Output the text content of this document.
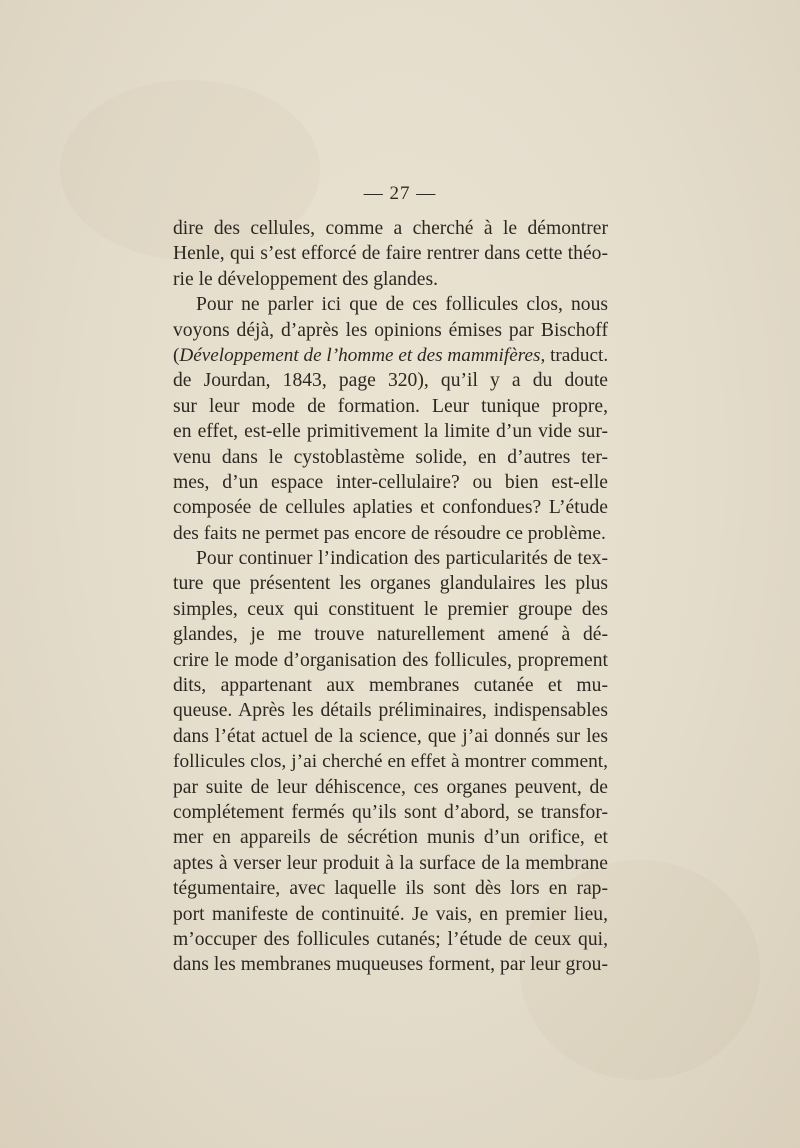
— 27 —
dire des cellules, comme a cherché à le démontrer
Henle, qui s’est efforcé de faire rentrer dans cette théo-
rie le développement des glandes.
Pour ne parler ici que de ces follicules clos, nous
voyons déjà, d’après les opinions émises par Bischoff
(Développement de l’homme et des mammifères, traduct.
de Jourdan, 1843, page 320), qu’il y a du doute
sur leur mode de formation. Leur tunique propre,
en effet, est-elle primitivement la limite d’un vide sur-
venu dans le cystoblastème solide, en d’autres ter-
mes, d’un espace inter-cellulaire? ou bien est-elle
composée de cellules aplaties et confondues? L’étude
des faits ne permet pas encore de résoudre ce problème.
Pour continuer l’indication des particularités de tex-
ture que présentent les organes glandulaires les plus
simples, ceux qui constituent le premier groupe des
glandes, je me trouve naturellement amené à dé-
crire le mode d’organisation des follicules, proprement
dits, appartenant aux membranes cutanée et mu-
queuse. Après les détails préliminaires, indispensables
dans l’état actuel de la science, que j’ai donnés sur les
follicules clos, j’ai cherché en effet à montrer comment,
par suite de leur déhiscence, ces organes peuvent, de
complétement fermés qu’ils sont d’abord, se transfor-
mer en appareils de sécrétion munis d’un orifice, et
aptes à verser leur produit à la surface de la membrane
tégumentaire, avec laquelle ils sont dès lors en rap-
port manifeste de continuité. Je vais, en premier lieu,
m’occuper des follicules cutanés; l’étude de ceux qui,
dans les membranes muqueuses forment, par leur grou-
